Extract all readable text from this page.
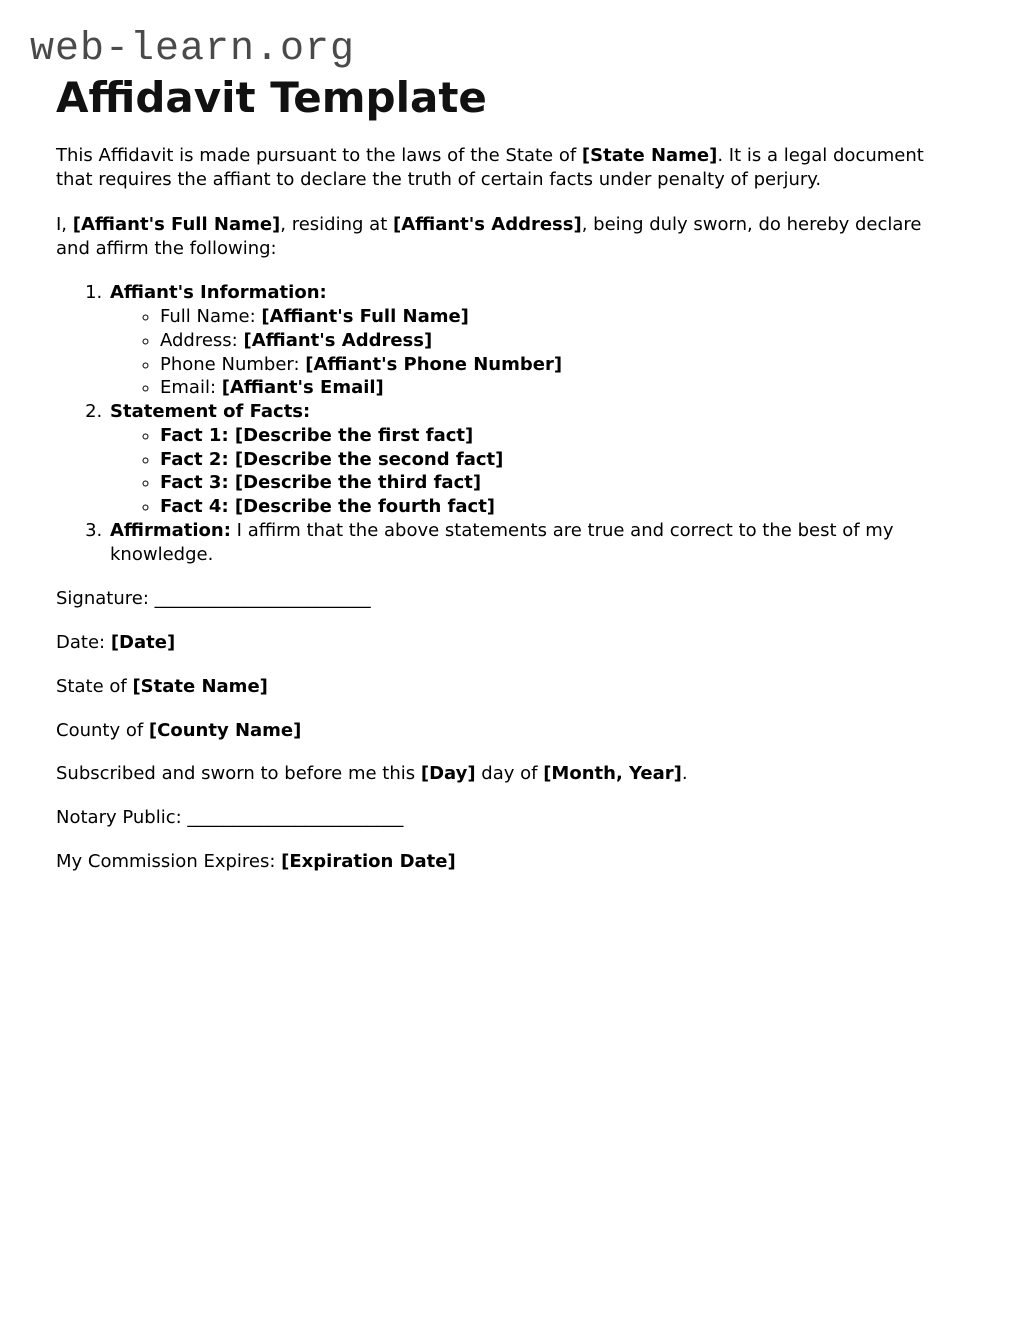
web-learn.org
Affidavit Template

This Affidavit is made pursuant to the laws of the State of [State Name]. It is a legal document that requires the affiant to declare the truth of certain facts under penalty of perjury.

I, [Affiant's Full Name], residing at [Affiant's Address], being duly sworn, do hereby declare and affirm the following:

1. Affiant's Information:
◦ Full Name: [Affiant's Full Name]
◦ Address: [Affiant's Address]
◦ Phone Number: [Affiant's Phone Number]
◦ Email: [Affiant's Email]
2. Statement of Facts:
◦ Fact 1: [Describe the first fact]
◦ Fact 2: [Describe the second fact]
◦ Fact 3: [Describe the third fact]
◦ Fact 4: [Describe the fourth fact]
3. Affirmation: I affirm that the above statements are true and correct to the best of my knowledge.

Signature: ________________________

Date: [Date]

State of [State Name]

County of [County Name]

Subscribed and sworn to before me this [Day] day of [Month, Year].

Notary Public: ________________________

My Commission Expires: [Expiration Date]
